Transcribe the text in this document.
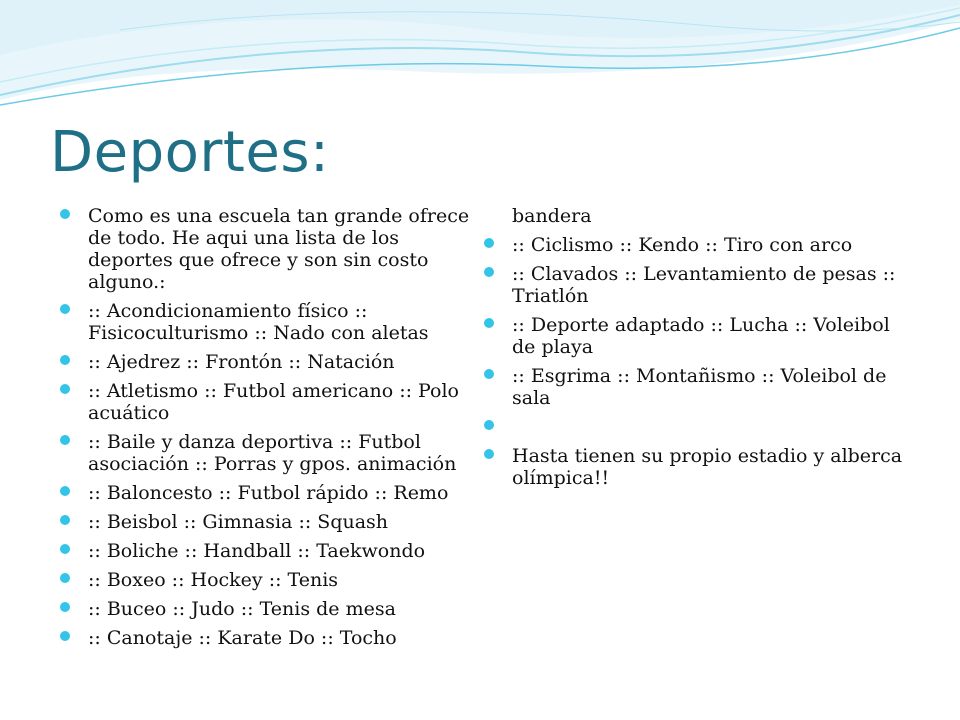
Deportes:
Como es una escuela tan grande ofrece de todo. He aqui una lista de los deportes que ofrece y son sin costo alguno.:
:: Acondicionamiento físico :: Fisicoculturismo :: Nado con aletas
:: Ajedrez :: Frontón :: Natación
:: Atletismo :: Futbol americano :: Polo acuático
:: Baile y danza deportiva :: Futbol asociación :: Porras y gpos. animación
:: Baloncesto :: Futbol rápido :: Remo
:: Beisbol :: Gimnasia :: Squash
:: Boliche :: Handball :: Taekwondo
:: Boxeo :: Hockey :: Tenis
:: Buceo :: Judo :: Tenis de mesa
:: Canotaje :: Karate Do :: Tocho
bandera
:: Ciclismo :: Kendo :: Tiro con arco
:: Clavados :: Levantamiento de pesas :: Triatlón
:: Deporte adaptado :: Lucha :: Voleibol de playa
:: Esgrima :: Montañismo :: Voleibol de sala
Hasta tienen su propio estadio y alberca olímpica!!
